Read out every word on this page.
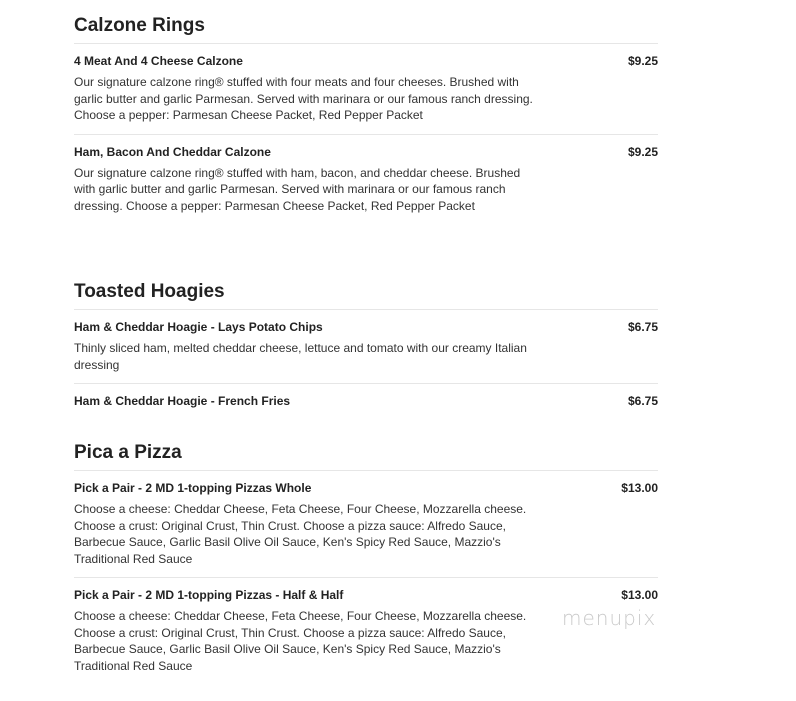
Calzone Rings
4 Meat And 4 Cheese Calzone	$9.25
Our signature calzone ring® stuffed with four meats and four cheeses. Brushed with garlic butter and garlic Parmesan. Served with marinara or our famous ranch dressing. Choose a pepper: Parmesan Cheese Packet, Red Pepper Packet
Ham, Bacon And Cheddar Calzone	$9.25
Our signature calzone ring® stuffed with ham, bacon, and cheddar cheese. Brushed with garlic butter and garlic Parmesan. Served with marinara or our famous ranch dressing. Choose a pepper: Parmesan Cheese Packet, Red Pepper Packet
Toasted Hoagies
Ham & Cheddar Hoagie - Lays Potato Chips	$6.75
Thinly sliced ham, melted cheddar cheese, lettuce and tomato with our creamy Italian dressing
Ham & Cheddar Hoagie - French Fries	$6.75
Pica a Pizza
Pick a Pair - 2 MD 1-topping Pizzas Whole	$13.00
Choose a cheese: Cheddar Cheese, Feta Cheese, Four Cheese, Mozzarella cheese. Choose a crust: Original Crust, Thin Crust. Choose a pizza sauce: Alfredo Sauce, Barbecue Sauce, Garlic Basil Olive Oil Sauce, Ken's Spicy Red Sauce, Mazzio's Traditional Red Sauce
Pick a Pair - 2 MD 1-topping Pizzas - Half & Half	$13.00
Choose a cheese: Cheddar Cheese, Feta Cheese, Four Cheese, Mozzarella cheese. Choose a crust: Original Crust, Thin Crust. Choose a pizza sauce: Alfredo Sauce, Barbecue Sauce, Garlic Basil Olive Oil Sauce, Ken's Spicy Red Sauce, Mazzio's Traditional Red Sauce
menupix
